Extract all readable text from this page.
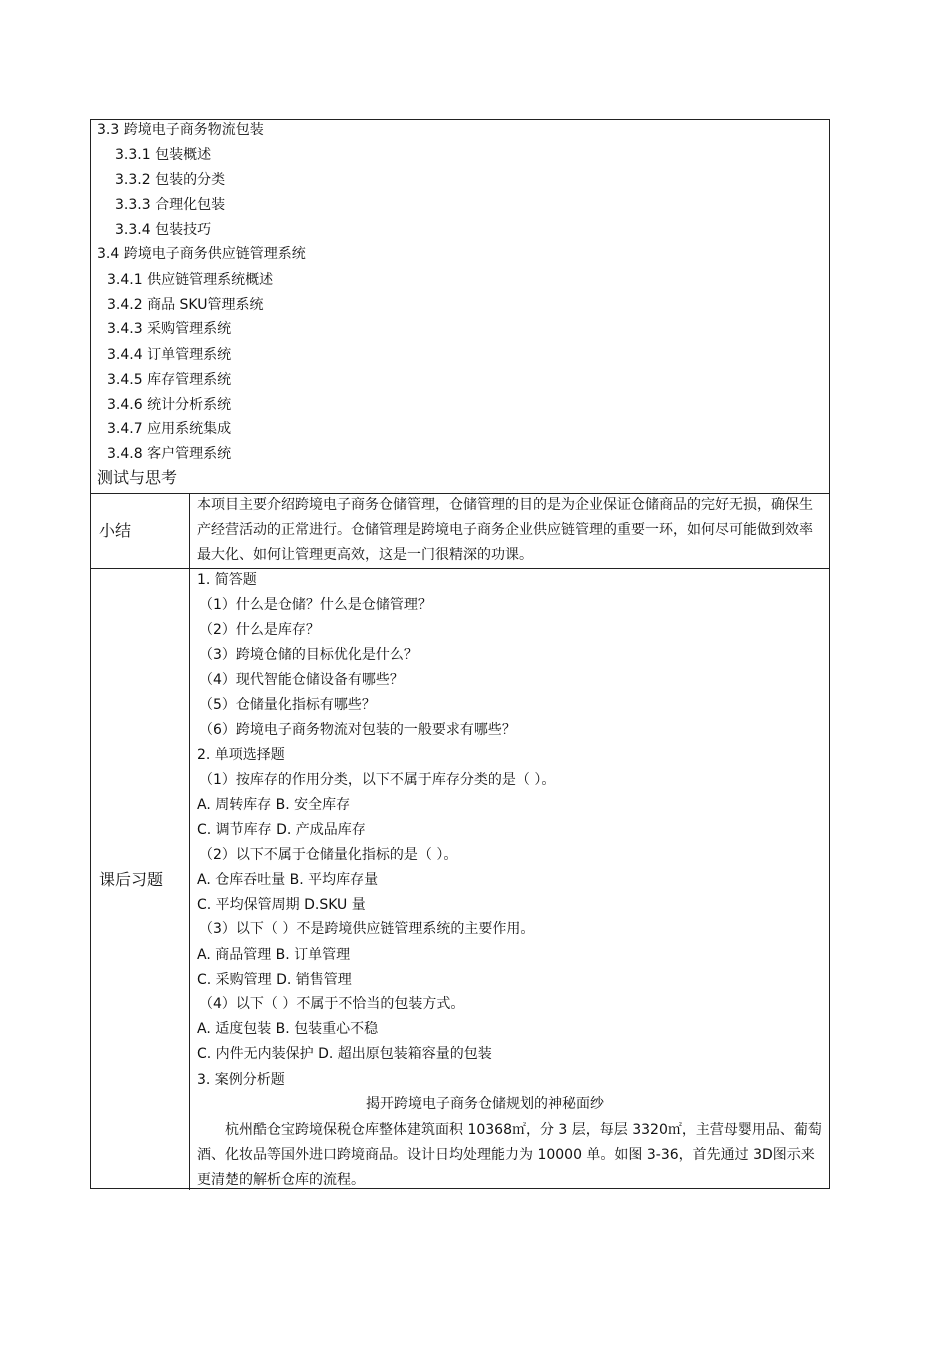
3.3 跨境电子商务物流包装
3.3.1 包装概述
3.3.2 包装的分类
3.3.3 合理化包装
3.3.4 包装技巧
3.4 跨境电子商务供应链管理系统
3.4.1 供应链管理系统概述
3.4.2 商品 SKU管理系统
3.4.3 采购管理系统
3.4.4 订单管理系统
3.4.5 库存管理系统
3.4.6 统计分析系统
3.4.7 应用系统集成
3.4.8 客户管理系统
测试与思考
小结
本项目主要介绍跨境电子商务仓储管理，仓储管理的目的是为企业保证仓储商品的完好无损，确保生产经营活动的正常进行。仓储管理是跨境电子商务企业供应链管理的重要一环，如何尽可能做到效率最大化、如何让管理更高效，这是一门很精深的功课。
课后习题
1. 简答题
（1）什么是仓储？什么是仓储管理？
（2）什么是库存？
（3）跨境仓储的目标优化是什么？
（4）现代智能仓储设备有哪些？
（5）仓储量化指标有哪些？
（6）跨境电子商务物流对包装的一般要求有哪些？
2. 单项选择题
（1）按库存的作用分类，以下不属于库存分类的是（ ）。
A. 周转库存 B. 安全库存
C. 调节库存 D. 产成品库存
（2）以下不属于仓储量化指标的是（ ）。
A. 仓库吞吐量 B. 平均库存量
C. 平均保管周期 D.SKU 量
（3）以下（ ）不是跨境供应链管理系统的主要作用。
A. 商品管理 B. 订单管理
C. 采购管理 D. 销售管理
（4）以下（ ）不属于不恰当的包装方式。
A. 适度包装 B. 包装重心不稳
C. 内件无内装保护 D. 超出原包装箱容量的包装
3. 案例分析题
揭开跨境电子商务仓储规划的神秘面纱
杭州酷仓宝跨境保税仓库整体建筑面积 10368㎡，分 3 层，每层 3320㎡，主营母婴用品、葡萄酒、化妆品等国外进口跨境商品。设计日均处理能力为 10000 单。如图 3-36，首先通过 3D图示来更清楚的解析仓库的流程。
